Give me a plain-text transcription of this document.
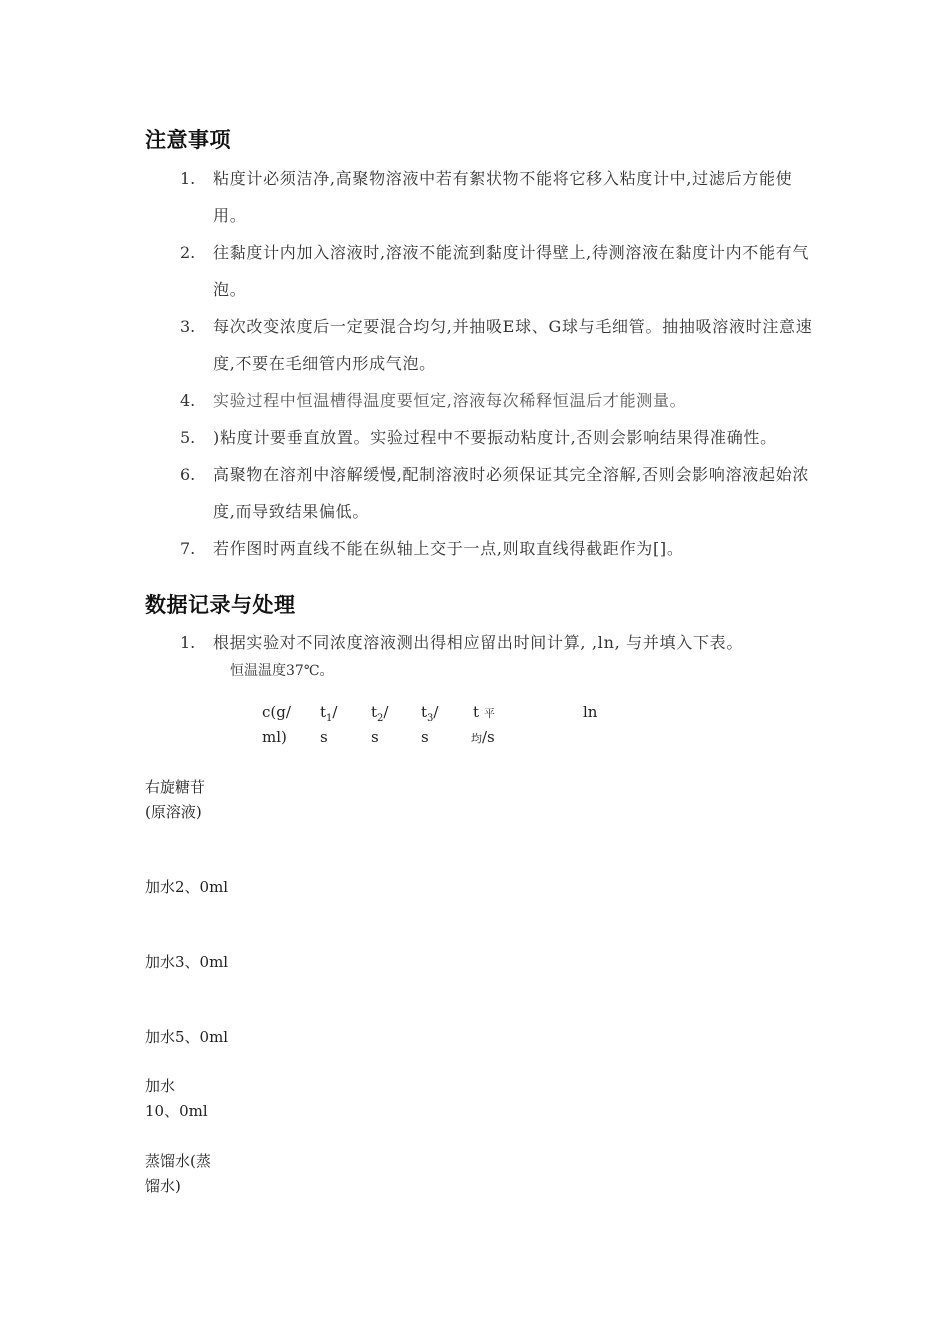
注意事项
1. 粘度计必须洁净,高聚物溶液中若有絮状物不能将它移入粘度计中,过滤后方能使用。
2. 往黏度计内加入溶液时,溶液不能流到黏度计得壁上,待测溶液在黏度计内不能有气泡。
3. 每次改变浓度后一定要混合均匀,并抽吸E球、G球与毛细管。抽抽吸溶液时注意速度,不要在毛细管内形成气泡。
4. 实验过程中恒温槽得温度要恒定,溶液每次稀释恒温后才能测量。
5. )粘度计要垂直放置。实验过程中不要振动粘度计,否则会影响结果得准确性。
6. 高聚物在溶剂中溶解缓慢,配制溶液时必须保证其完全溶解,否则会影响溶液起始浓度,而导致结果偏低。
7. 若作图时两直线不能在纵轴上交于一点,则取直线得截距作为[]。
数据记录与处理
1. 根据实验对不同浓度溶液测出得相应留出时间计算, ,ln, 与并填入下表。
恒温温度37℃。
c(g/
ml)
$t_1/$
s
$t_2/$
s
$t_3/$
s
t 平
均/s
ln
右旋糖苷
(原溶液)
加水2、0ml
加水3、0ml
加水5、0ml
加水
10、0ml
蒸馏水(蒸
馏水)
